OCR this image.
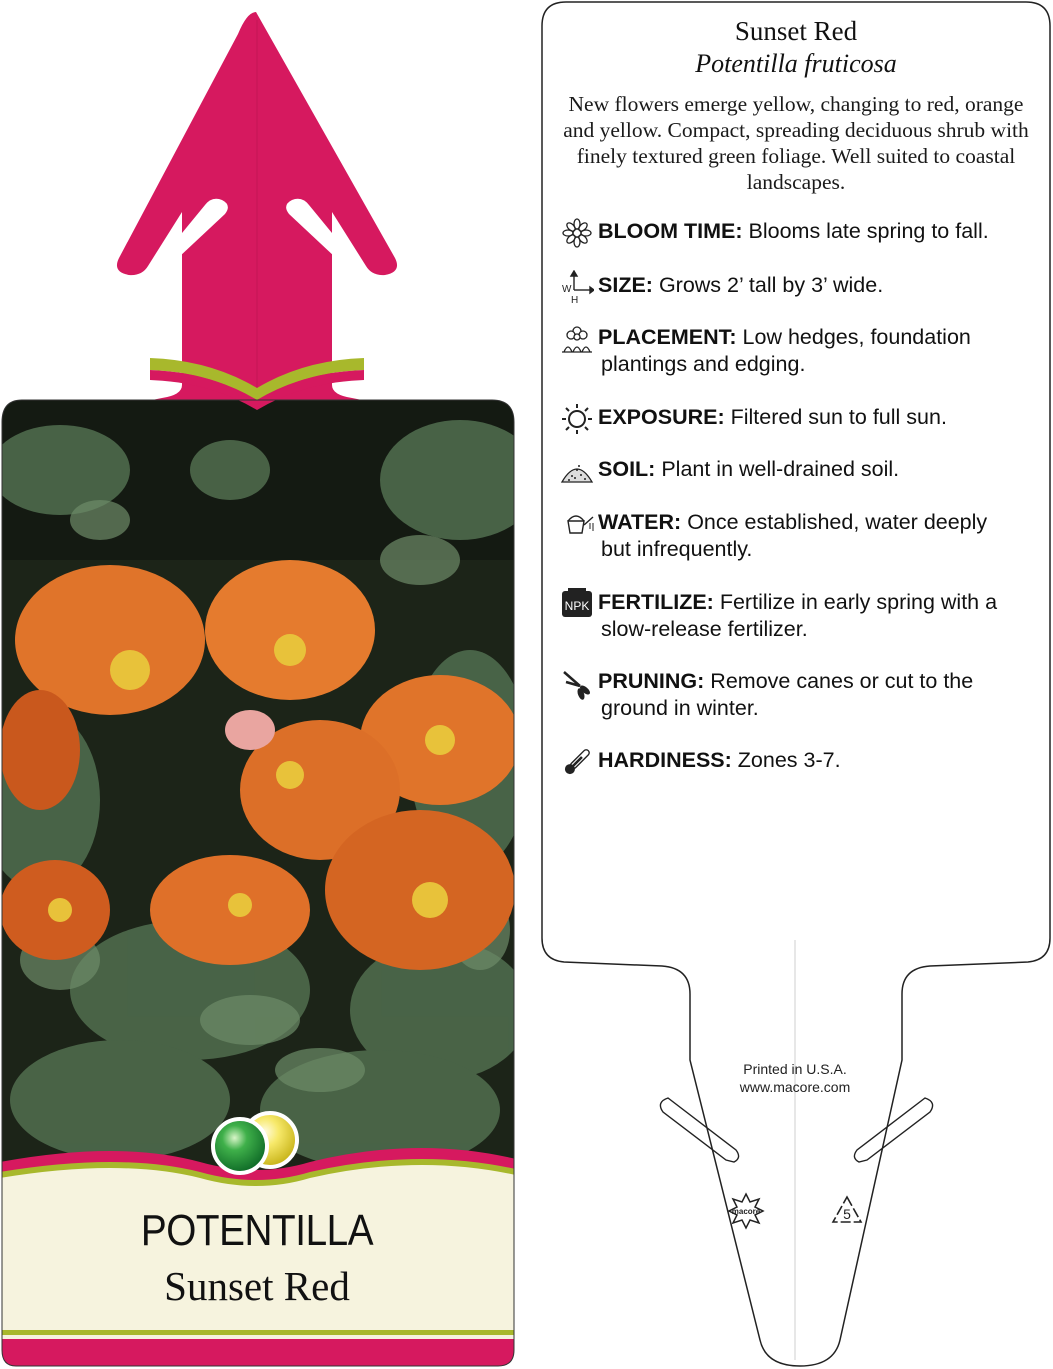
POTENTILLA
Sunset Red
Sunset Red
Potentilla fruticosa
New flowers emerge yellow, changing to red, orange and yellow. Compact, spreading deciduous shrub with finely textured green foliage. Well suited to coastal landscapes.
BLOOM TIME: Blooms late spring to fall.
W
H
SIZE: Grows 2’ tall by 3’ wide.
PLACEMENT: Low hedges, foundation
plantings and edging.
EXPOSURE: Filtered sun to full sun.
SOIL: Plant in well-drained soil.
WATER: Once established, water deeply
but infrequently.
NPK FERTILIZE: Fertilize in early spring with a
slow-release fertilizer.
PRUNING: Remove canes or cut to the
ground in winter.
HARDINESS: Zones 3-7.
Printed in U.S.A.
www.macore.com
macore	5
